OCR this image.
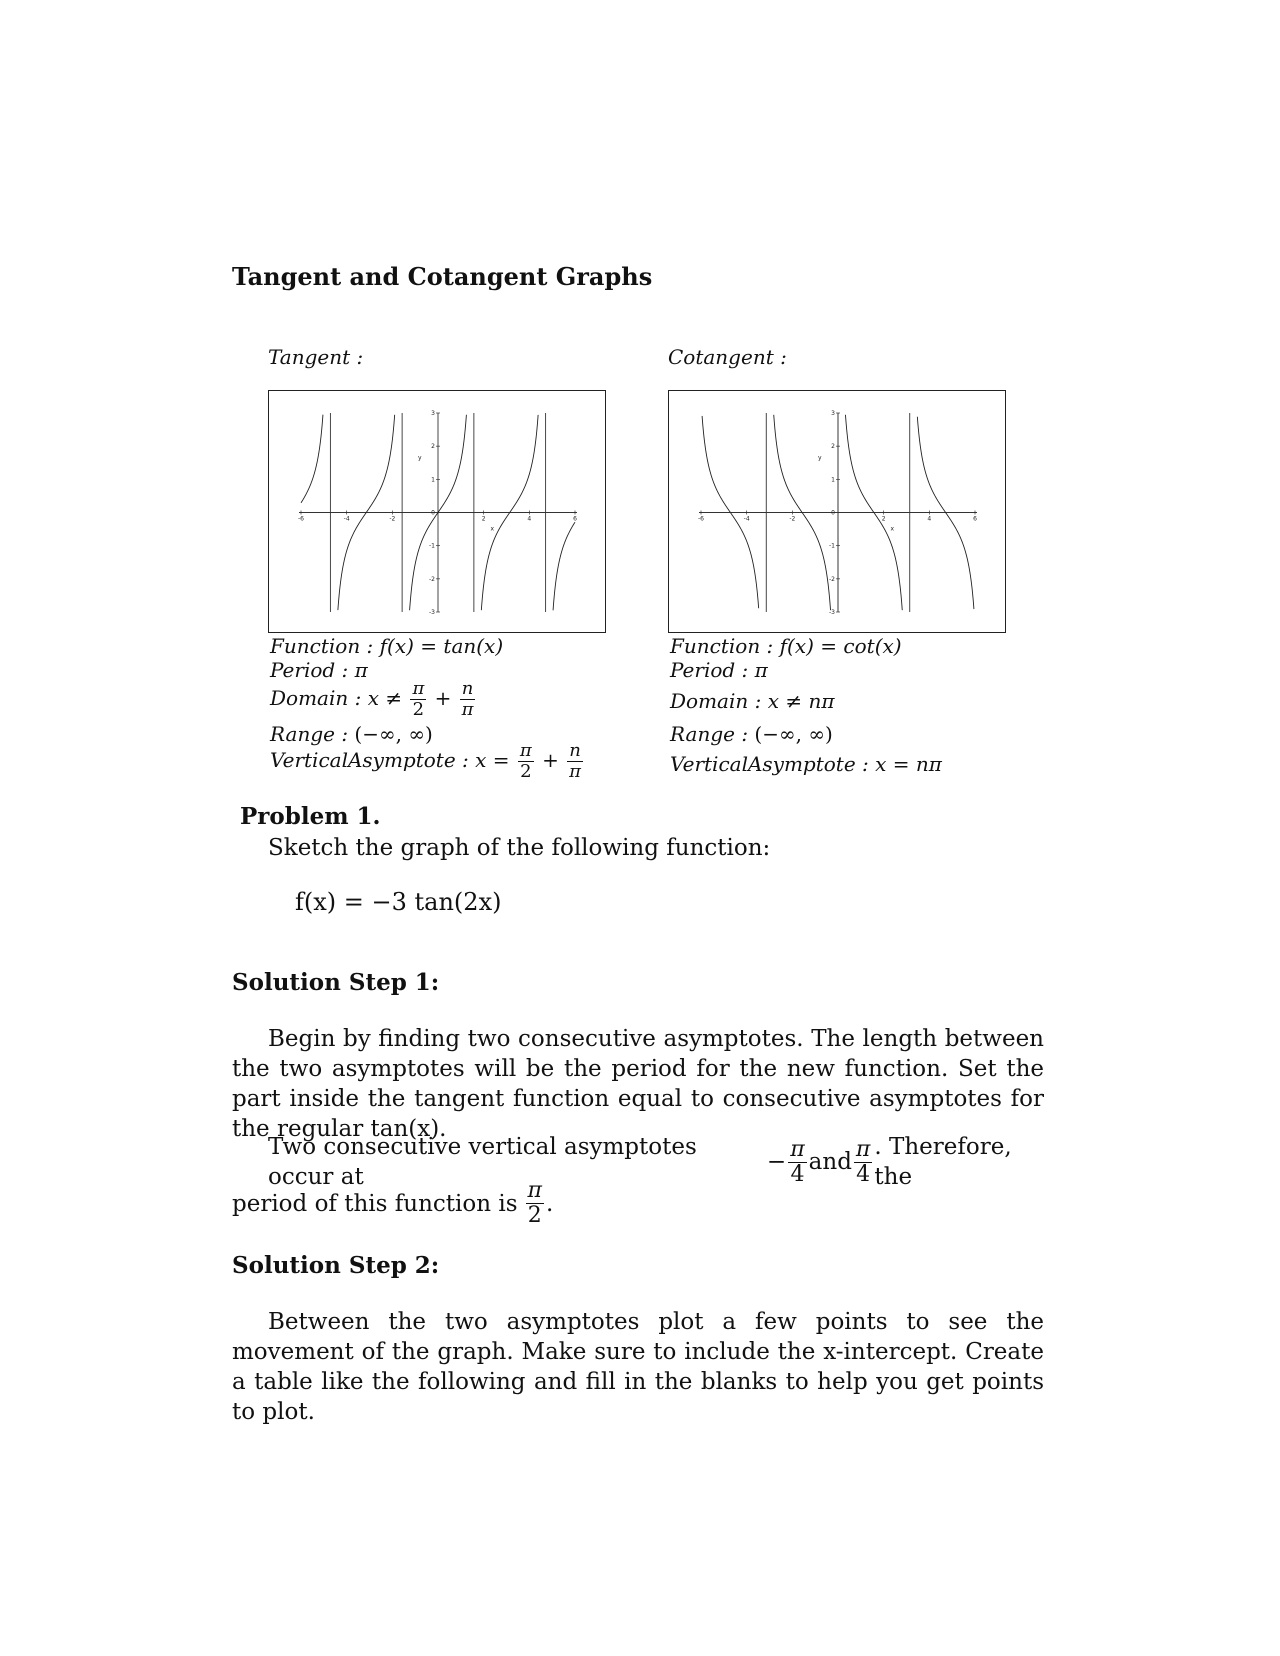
Tangent and Cotangent Graphs
Tangent :
-6	-4	-2	2	4	6
3
2
1
-1
-2
-3
0
x
y
Function : f(x) = tan(x)
Period : π
Domain : $x \ne \frac{\pi}{2} + \frac{n}{\pi}$
Range : (−∞, ∞)
VerticalAsymptote : $x = \frac{\pi}{2} + \frac{n}{\pi}$
Cotangent :
-6	-4	-2	2	4	6
3
2
1
-1
-2
-3
0
x
y
Function : f(x) = cot(x)
Period : π
Domain : x ≠ nπ
Range : (−∞, ∞)
VerticalAsymptote : x = nπ
Problem 1.
Sketch the graph of the following function:
f(x) = −3 tan(2x)
Solution Step 1:
Begin by finding two consecutive asymptotes. The length between the two asymptotes will be the period for the new function. Set the part inside the tangent function equal to consecutive asymptotes for the regular tan(x).
Two consecutive vertical asymptotes occur at
− $\frac{\pi}{4}$ and $\frac{\pi}{4}$ . Therefore, the
period of this function is $\frac{\pi}{2}$ .
Solution Step 2:
Between the two asymptotes plot a few points to see the movement of the graph. Make sure to include the x-intercept. Create a table like the following and fill in the blanks to help you get points to plot.
